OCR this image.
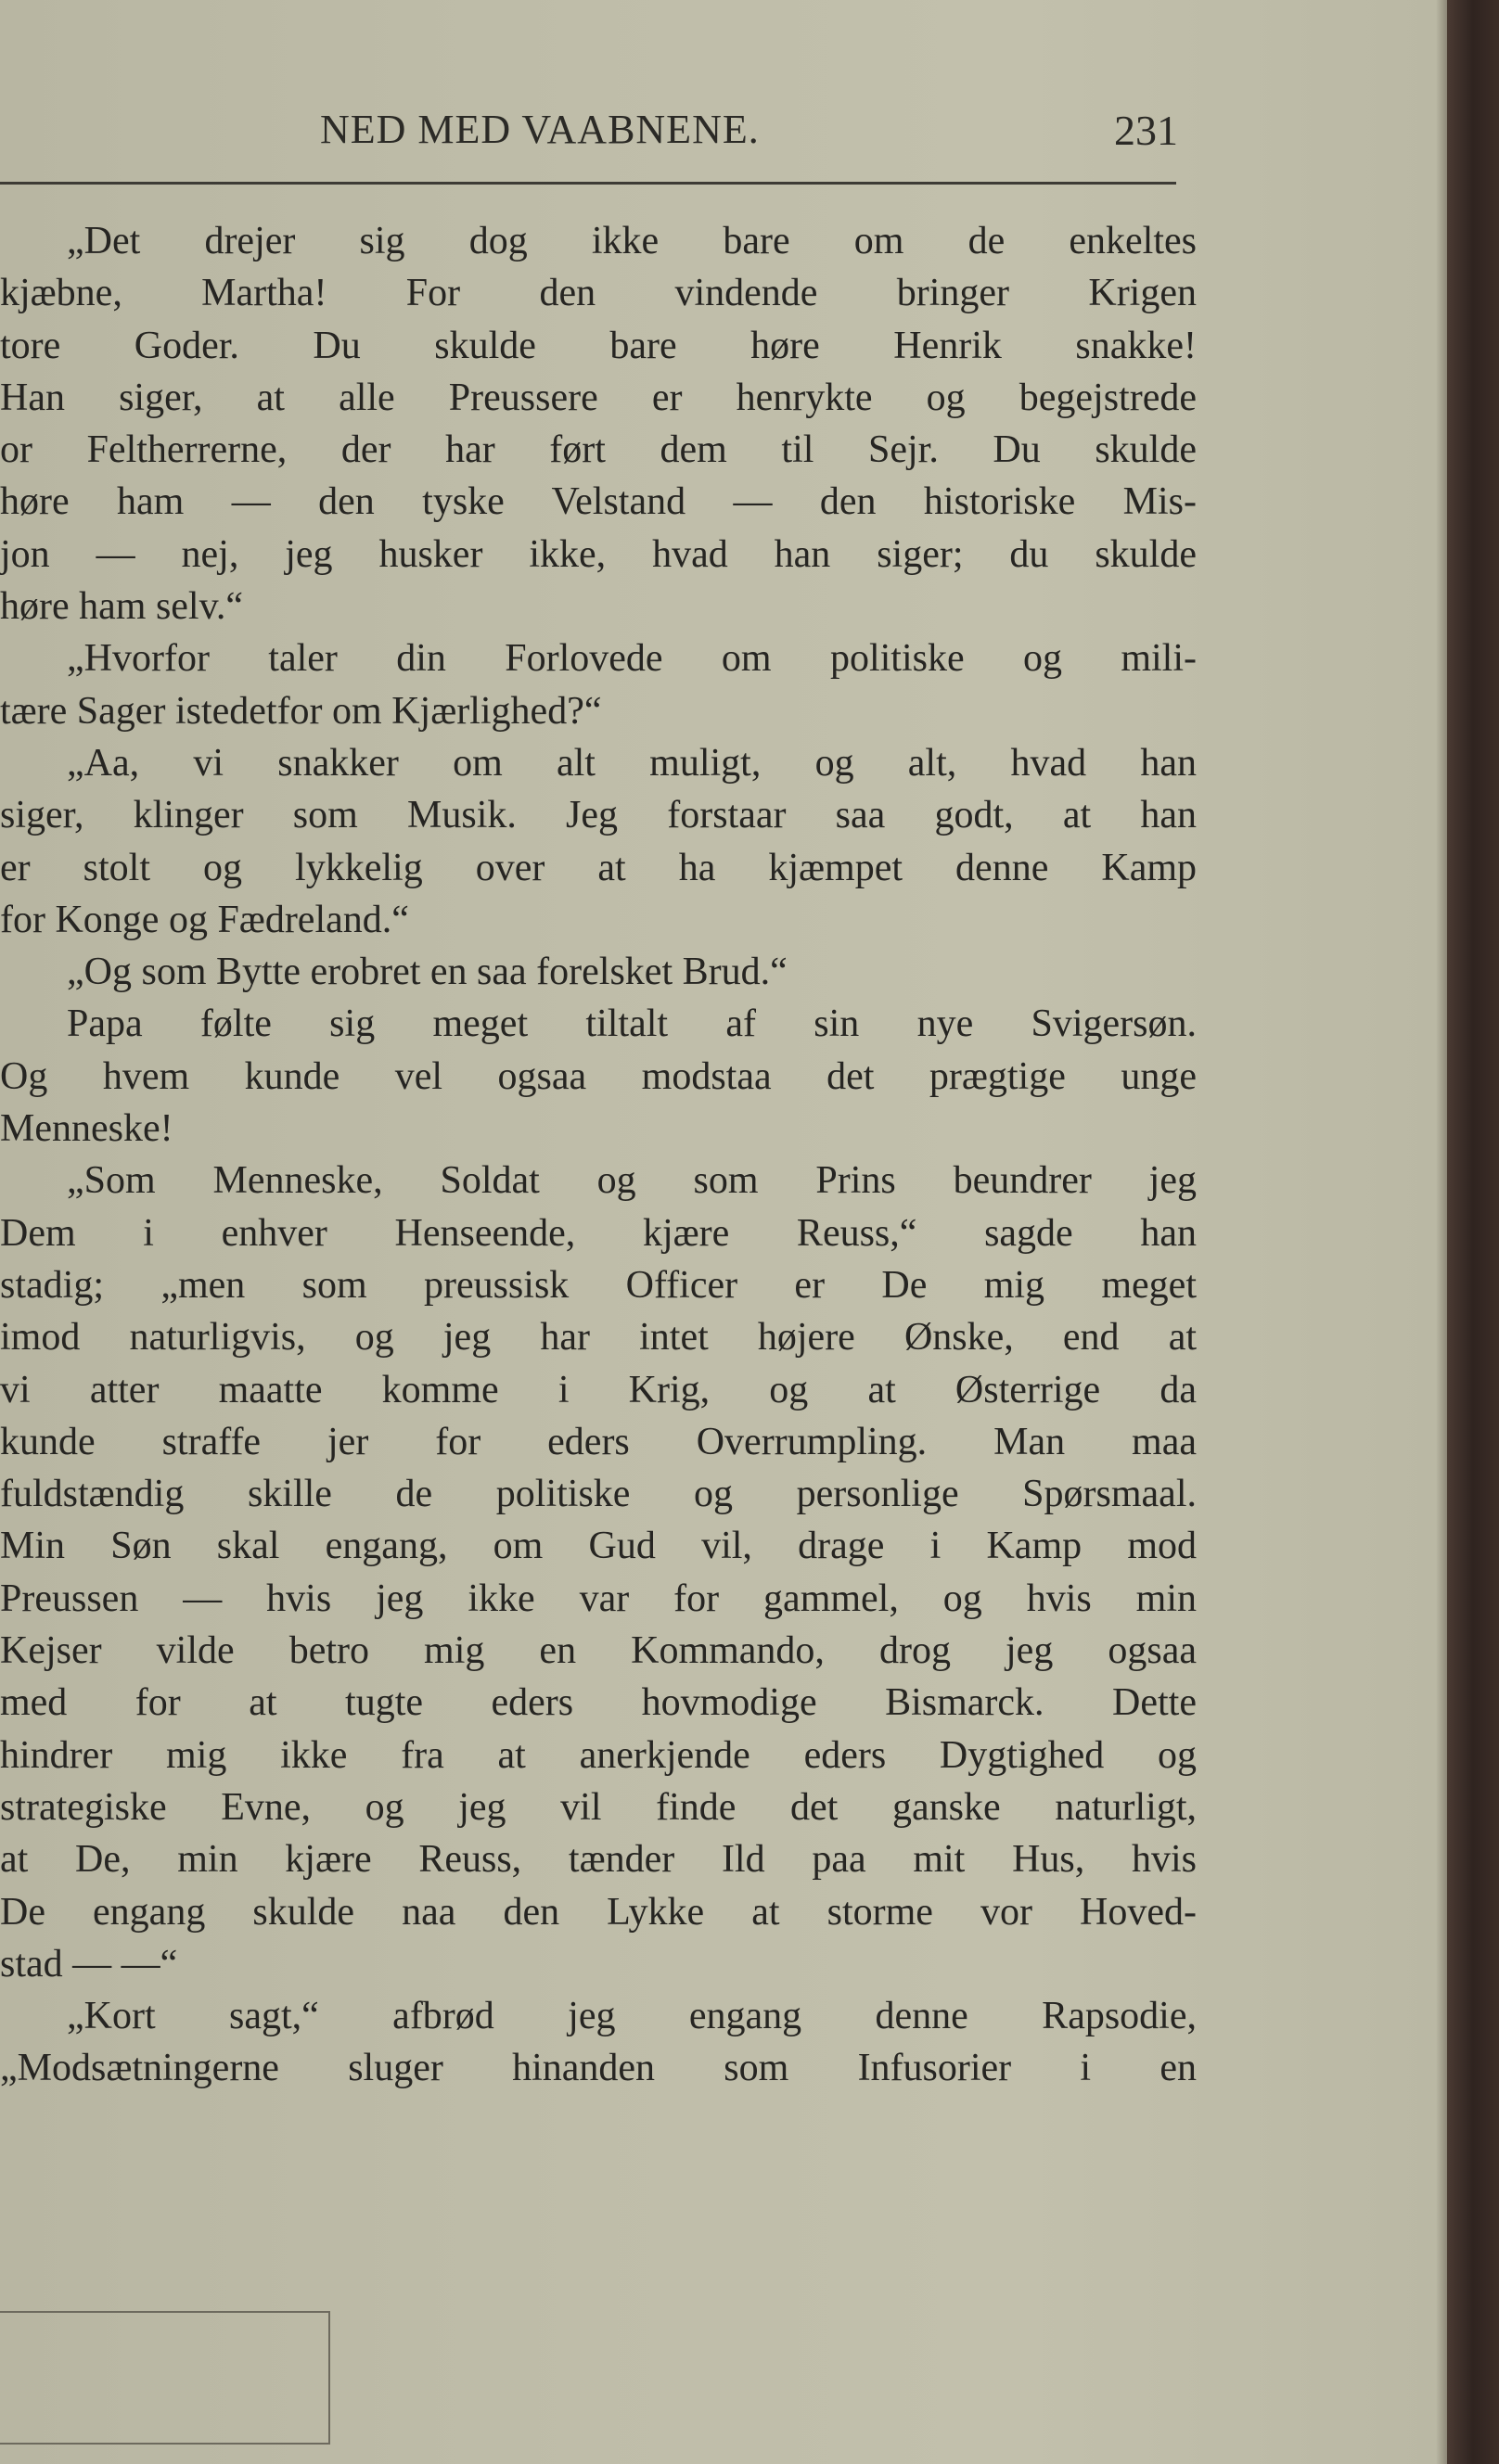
NED MED VAABNENE.	231
„Det drejer sig dog ikke bare om de enkeltes
kjæbne, Martha! For den vindende bringer Krigen
tore Goder. Du skulde bare høre Henrik snakke!
Han siger, at alle Preussere er henrykte og begejstrede
or Feltherrerne, der har ført dem til Sejr. Du skulde
høre ham — den tyske Velstand — den historiske Mis-
jon — nej, jeg husker ikke, hvad han siger; du skulde
høre ham selv.“
„Hvorfor taler din Forlovede om politiske og mili-
tære Sager istedetfor om Kjærlighed?“
„Aa, vi snakker om alt muligt, og alt, hvad han
siger, klinger som Musik. Jeg forstaar saa godt, at han
er stolt og lykkelig over at ha kjæmpet denne Kamp
for Konge og Fædreland.“
„Og som Bytte erobret en saa forelsket Brud.“
Papa følte sig meget tiltalt af sin nye Svigersøn.
Og hvem kunde vel ogsaa modstaa det prægtige unge
Menneske!
„Som Menneske, Soldat og som Prins beundrer jeg
Dem i enhver Henseende, kjære Reuss,“ sagde han
stadig; „men som preussisk Officer er De mig meget
imod naturligvis, og jeg har intet højere Ønske, end at
vi atter maatte komme i Krig, og at Østerrige da
kunde straffe jer for eders Overrumpling. Man maa
fuldstændig skille de politiske og personlige Spørsmaal.
Min Søn skal engang, om Gud vil, drage i Kamp mod
Preussen — hvis jeg ikke var for gammel, og hvis min
Kejser vilde betro mig en Kommando, drog jeg ogsaa
med for at tugte eders hovmodige Bismarck. Dette
hindrer mig ikke fra at anerkjende eders Dygtighed og
strategiske Evne, og jeg vil finde det ganske naturligt,
at De, min kjære Reuss, tænder Ild paa mit Hus, hvis
De engang skulde naa den Lykke at storme vor Hoved-
stad — —“
„Kort sagt,“ afbrød jeg engang denne Rapsodie,
„Modsætningerne sluger hinanden som Infusorier i en
